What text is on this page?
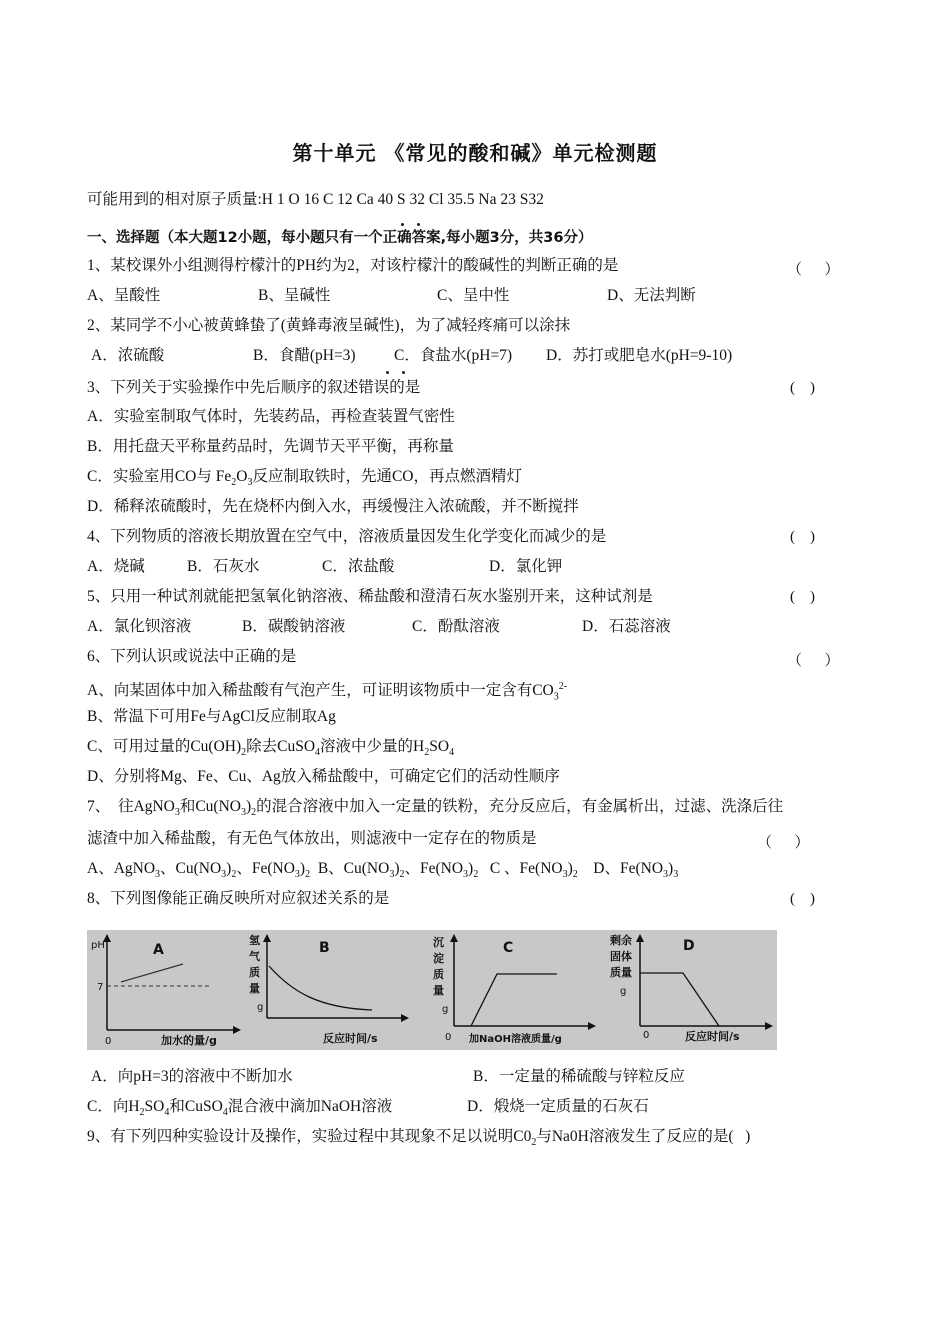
第十单元 《常见的酸和碱》单元检测题
可能用到的相对原子质量:H 1 O 16 C 12 Ca 40 S 32 Cl 35.5 Na 23 S32
一、选择题（本大题12小题，每小题只有一个正确答案,每小题3分，共36分）
1、某校课外小组测得柠檬汁的PH约为2，对该柠檬汁的酸碱性的判断正确的是	（      ）
A、呈酸性	B、呈碱性	C、呈中性	D、无法判断
2、某同学不小心被黄蜂蛰了(黄蜂毒液呈碱性)，为了减轻疼痛可以涂抹
A．浓硫酸	B．食醋(pH=3) C．食盐水(pH=7) D．苏打或肥皂水(pH=9-10)
3、下列关于实验操作中先后顺序的叙述错误的是	(    )
A．实验室制取气体时，先装药品，再检查装置气密性
B．用托盘天平称量药品时，先调节天平平衡，再称量
C．实验室用CO与 $Fe_2O_3$反应制取铁时，先通CO，再点燃酒精灯
D．稀释浓硫酸时，先在烧杯内倒入水，再缓慢注入浓硫酸，并不断搅拌
4、下列物质的溶液长期放置在空气中，溶液质量因发生化学变化而减少的是	(    )
A．烧碱	B．石灰水	C．浓盐酸	D．氯化钾
5、只用一种试剂就能把氢氧化钠溶液、稀盐酸和澄清石灰水鉴别开来，这种试剂是	(    )
A．氯化钡溶液	B．碳酸钠溶液	C．酚酞溶液	D．石蕊溶液
6、下列认识或说法中正确的是	（      ）
A、向某固体中加入稀盐酸有气泡产生，可证明该物质中一定含有$CO_3^{2-}$
B、常温下可用Fe与AgCl反应制取Ag
C、可用过量的$Cu(OH)_2$除去CuSO$_4$溶液中少量的$H_2SO_4$
D、分别将Mg、Fe、Cu、Ag放入稀盐酸中，可确定它们的活动性顺序
7、  往AgNO$_3$和$Cu(NO_3)_2$的混合溶液中加入一定量的铁粉，充分反应后，有金属析出，过滤、洗涤后往
滤渣中加入稀盐酸，有无色气体放出，则滤液中一定存在的物质是	（      ）
A、AgNO$_3$、$Cu(NO_3)_2$、$Fe(NO_3)_2$  B、$Cu(NO_3)_2$、$Fe(NO_3)_2$   C 、$Fe(NO_3)_2$    D、$Fe(NO_3)_3$
8、下列图像能正确反映所对应叙述关系的是	(    )
pH	A
7
0	加水的量/g
氢
气
质
量
g
B
反应时间/s
沉
淀
质
量
g
C
0 加NaOH溶液质量/g
剩余
固体
质量
g
D
0	反应时间/s
A．向pH=3的溶液中不断加水	B．一定量的稀硫酸与锌粒反应
C．向$H_2SO_4$和CuSO$_4$混合液中滴加NaOH溶液	D．煅烧一定质量的石灰石
9、有下列四种实验设计及操作，实验过程中其现象不足以说明$C0_2$与Na0H溶液发生了反应的是(   )
